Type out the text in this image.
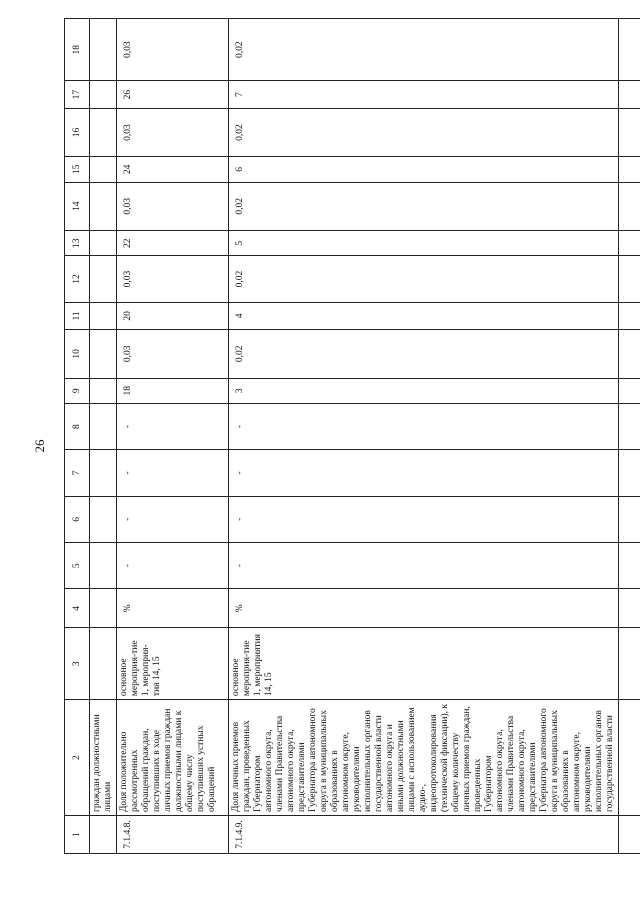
26
1	2	3	4	5	6	7	8	9	10	11	12	13	14	15	16	17	18
	граждан должностными лицами																
7.1.4.8.	Доля положительно рассмотренных обращений граждан, поступивших в ходе личных приемов граждан должностными лицами к общему числу поступивших устных обращений	основное мероприя-тие 1, мероприя-тия 14, 15	%	-	-	-	-	18	0,03	20	0,03	22	0,03	24	0,03	26	0,03
7.1.4.9.	Доля личных приемов граждан, проведенных Губернатором автономного округа, членами Правительства автономного округа, представителями Губернатора автономного округа в муниципальных образованиях в автономном округе, руководителями исполнительных органов государственной власти автономного округа и иными должностными лицами с использованием аудио-, видеопротоколирования (технической фиксации), к общему количеству личных приемов граждан, проведенных Губернатором автономного округа, членами Правительства автономного округа, представителями Губернатора автономного округа в муниципальных образованиях в автономном округе, руководителями исполнительных органов государственной власти	основное мероприя-тие 1, мероприятия 14, 15	%	-	-	-	-	3	0,02	4	0,02	5	0,02	6	0,02	7	0,02
